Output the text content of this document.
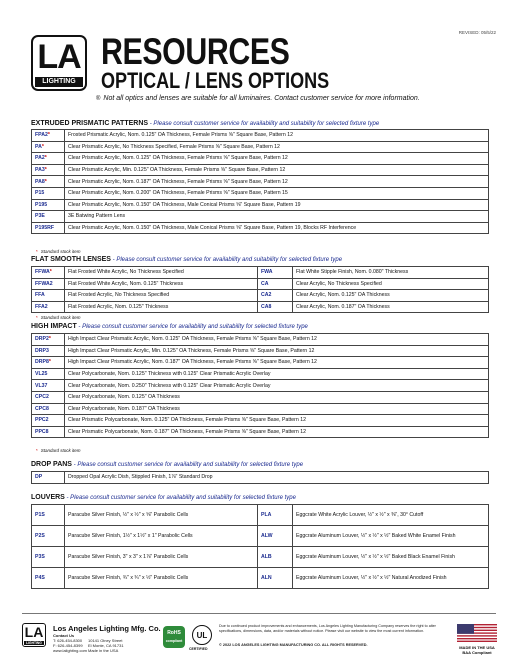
REVISED: 05/5/22
LA
LIGHTING
RESOURCES
OPTICAL / LENS OPTIONS
® Not all optics and lenses are suitable for all luminaires. Contact customer service for more information.
EXTRUDED PRISMATIC PATTERNS - Please consult customer service for availability and suitability for selected fixture type
FPA2*	Frosted Prismatic Acrylic, Nom. 0.125" OA Thickness, Female Prisms ⅝" Square Base, Pattern 12
PA*	Clear Prismatic Acrylic, No Thickness Specified, Female Prisms ⅝" Square Base, Pattern 12
PA2*	Clear Prismatic Acrylic, Nom. 0.125" OA Thickness, Female Prisms ⅝" Square Base, Pattern 12
PA3*	Clear Prismatic Acrylic, Min. 0.125" OA Thickness, Female Prisms ⅝" Square Base, Pattern 12
PA8*	Clear Prismatic Acrylic, Nom. 0.187" OA Thickness, Female Prisms ⅝" Square Base, Pattern 12
P15	Clear Prismatic Acrylic, Nom. 0.200" OA Thickness, Female Prisms ⅝" Square Base, Pattern 15
P195	Clear Prismatic Acrylic, Nom. 0.150" OA Thickness, Male Conical Prisms ⅝" Square Base, Pattern 19
P3E	3E Batwing Pattern Lens
P195RF	Clear Prismatic Acrylic, Nom. 0.150" OA Thickness, Male Conical Prisms ⅝" Square Base, Pattern 19, Blocks RF Interference
* Standard stock item
FLAT SMOOTH LENSES - Please consult customer service for availability and suitability for selected fixture type
FFWA*	Flat Frosted White Acrylic, No Thickness Specified	FWA	Flat White Stipple Finish, Nom. 0.080" Thickness
FFWA2	Flat Frosted White Acrylic, Nom. 0.125" Thickness	CA	Clear Acrylic, No Thickness Specified
FFA	Flat Frosted Acrylic, No Thickness Specified	CA2	Clear Acrylic, Nom. 0.125" OA Thickness
FFA2	Flat Frosted Acrylic, Nom. 0.125" Thickness	CA8	Clear Acrylic, Nom. 0.187" OA Thickness
* Standard stock item
HIGH IMPACT - Please consult customer service for availability and suitability for selected fixture type
DRP2*	High Impact Clear Prismatic Acrylic, Nom. 0.125" OA Thickness, Female Prisms ⅝" Square Base, Pattern 12
DRP3	High Impact Clear Prismatic Acrylic, Min. 0.125" OA Thickness, Female Prisms ⅝" Square Base, Pattern 12
DRP8*	High Impact Clear Prismatic Acrylic, Nom. 0.187" OA Thickness, Female Prisms ⅝" Square Base, Pattern 12
VL25	Clear Polycarbonate, Nom. 0.125" Thickness with 0.125" Clear Prismatic Acrylic Overlay
VL37	Clear Polycarbonate, Nom. 0.250" Thickness with 0.125" Clear Prismatic Acrylic Overlay
CPC2	Clear Polycarbonate, Nom. 0.125" OA Thickness
CPC8	Clear Polycarbonate, Nom. 0.187" OA Thickness
PPC2	Clear Prismatic Polycarbonate, Nom. 0.125" OA Thickness, Female Prisms ⅝" Square Base, Pattern 12
PPC8	Clear Prismatic Polycarbonate, Nom. 0.187" OA Thickness, Female Prisms ⅝" Square Base, Pattern 12
* Standard stock item
DROP PANS - Please consult customer service for availability and suitability for selected fixture type
DP	Dropped Opal Acrylic Dish, Stippled Finish, 1⅞" Standard Drop
LOUVERS - Please consult customer service for availability and suitability for selected fixture type
P1S	Paracube Silver Finish, ½" x ½" x ⅝" Parabolic Cells	PLA	Eggcrate White Acrylic Louver, ½" x ½" x ⅜", 30° Cutoff
P2S	Paracube Silver Finish, 1½" x 1½" x 1" Parabolic Cells	ALW	Eggcrate Aluminum Louver, ½" x ½" x ½" Baked White Enamel Finish
P3S	Paracube Silver Finish, 3" x 3" x 1⅞" Parabolic Cells	ALB	Eggcrate Aluminum Louver, ½" x ½" x ½" Baked Black Enamel Finish
P4S	Paracube Silver Finish, ¾" x ¾" x ½" Parabolic Cells	ALN	Eggcrate Aluminum Louver, ½" x ½" x ½" Natural Anodized Finish
LA
LIGHTING
Los Angeles Lighting Mfg. Co.
Contact Us
T: 626-454-8300
F: 626-454-8399
www.lalighting.com
10141 Olney Street
El Monte, CA 91731
Made in the USA
RoHS
compliant
UL
CERTIFIED
Due to continued product improvements and enhancements, Los Angeles Lighting Manufacturing Company reserves the right to alter specifications, dimensions, data, and/or materials without notice. Please visit our website to view the most current information.
© 2022 LOS ANGELES LIGHTING MANUFACTURING CO. ALL RIGHTS RESERVED.	MADE IN THE USA
BAA Compliant
